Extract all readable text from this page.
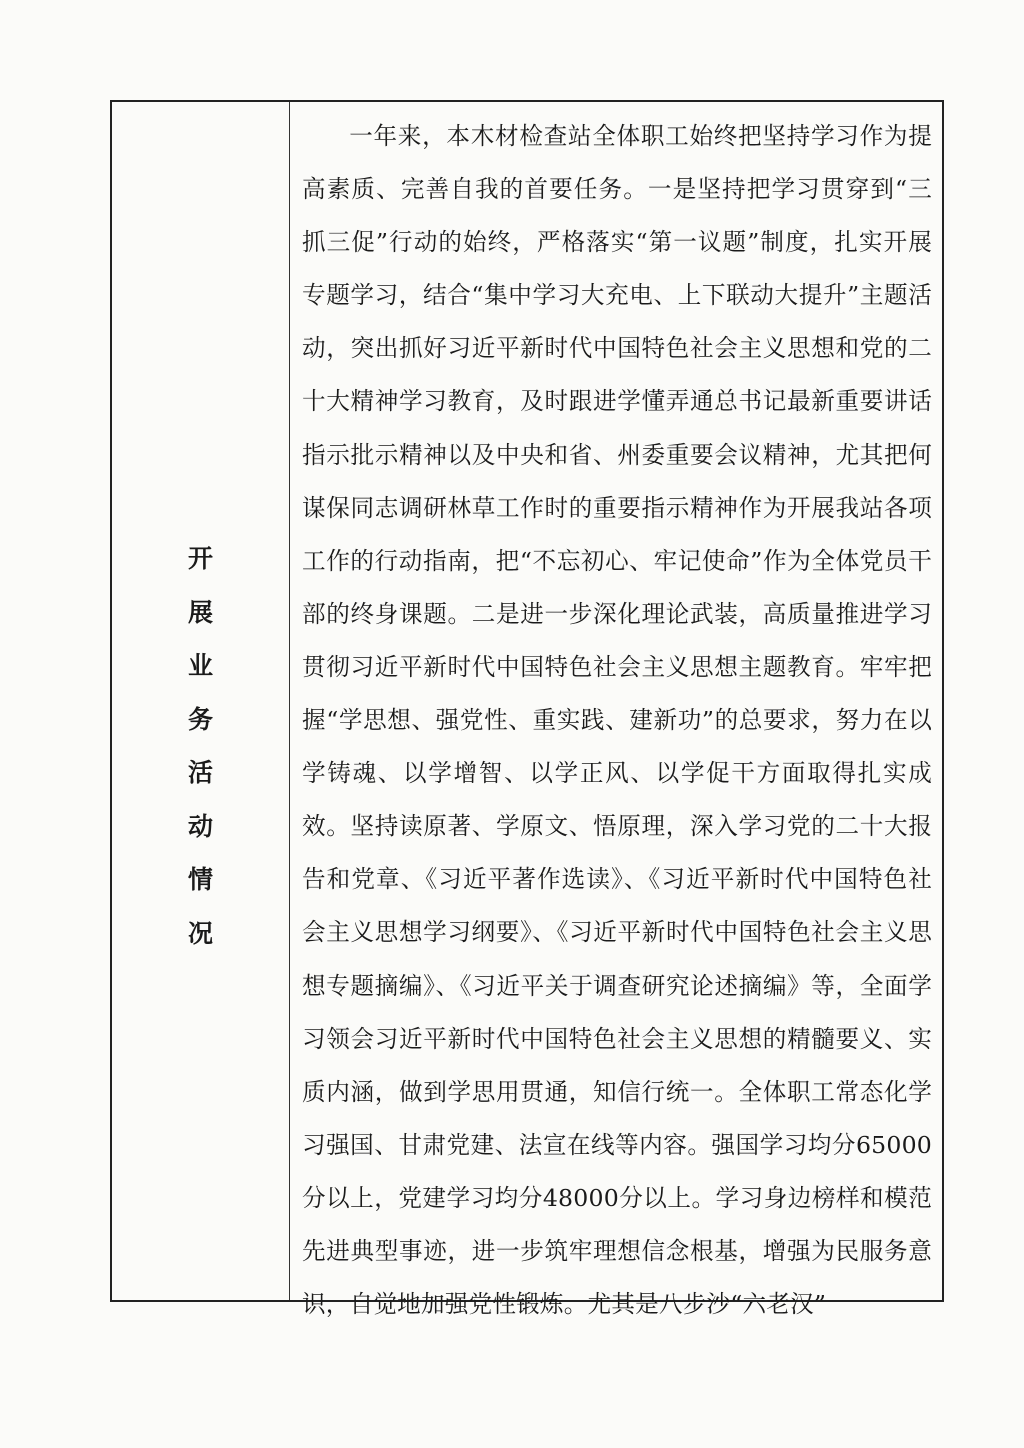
开
展
业
务
活
动
情
况

一年来，本木材检查站全体职工始终把坚持学习作为提高素质、完善自我的首要任务。一是坚持把学习贯穿到“三抓三促”行动的始终，严格落实“第一议题”制度，扎实开展专题学习，结合“集中学习大充电、上下联动大提升”主题活动，突出抓好习近平新时代中国特色社会主义思想和党的二十大精神学习教育，及时跟进学懂弄通总书记最新重要讲话指示批示精神以及中央和省、州委重要会议精神，尤其把何谋保同志调研林草工作时的重要指示精神作为开展我站各项工作的行动指南，把“不忘初心、牢记使命”作为全体党员干部的终身课题。二是进一步深化理论武装，高质量推进学习贯彻习近平新时代中国特色社会主义思想主题教育。牢牢把握“学思想、强党性、重实践、建新功”的总要求，努力在以学铸魂、以学增智、以学正风、以学促干方面取得扎实成效。坚持读原著、学原文、悟原理，深入学习党的二十大报告和党章、《习近平著作选读》、《习近平新时代中国特色社会主义思想学习纲要》、《习近平新时代中国特色社会主义思想专题摘编》、《习近平关于调查研究论述摘编》等，全面学习领会习近平新时代中国特色社会主义思想的精髓要义、实质内涵，做到学思用贯通，知信行统一。全体职工常态化学习强国、甘肃党建、法宣在线等内容。强国学习均分65000分以上，党建学习均分48000分以上。学习身边榜样和模范先进典型事迹，进一步筑牢理想信念根基，增强为民服务意识，自觉地加强党性锻炼。尤其是八步沙“六老汉”
